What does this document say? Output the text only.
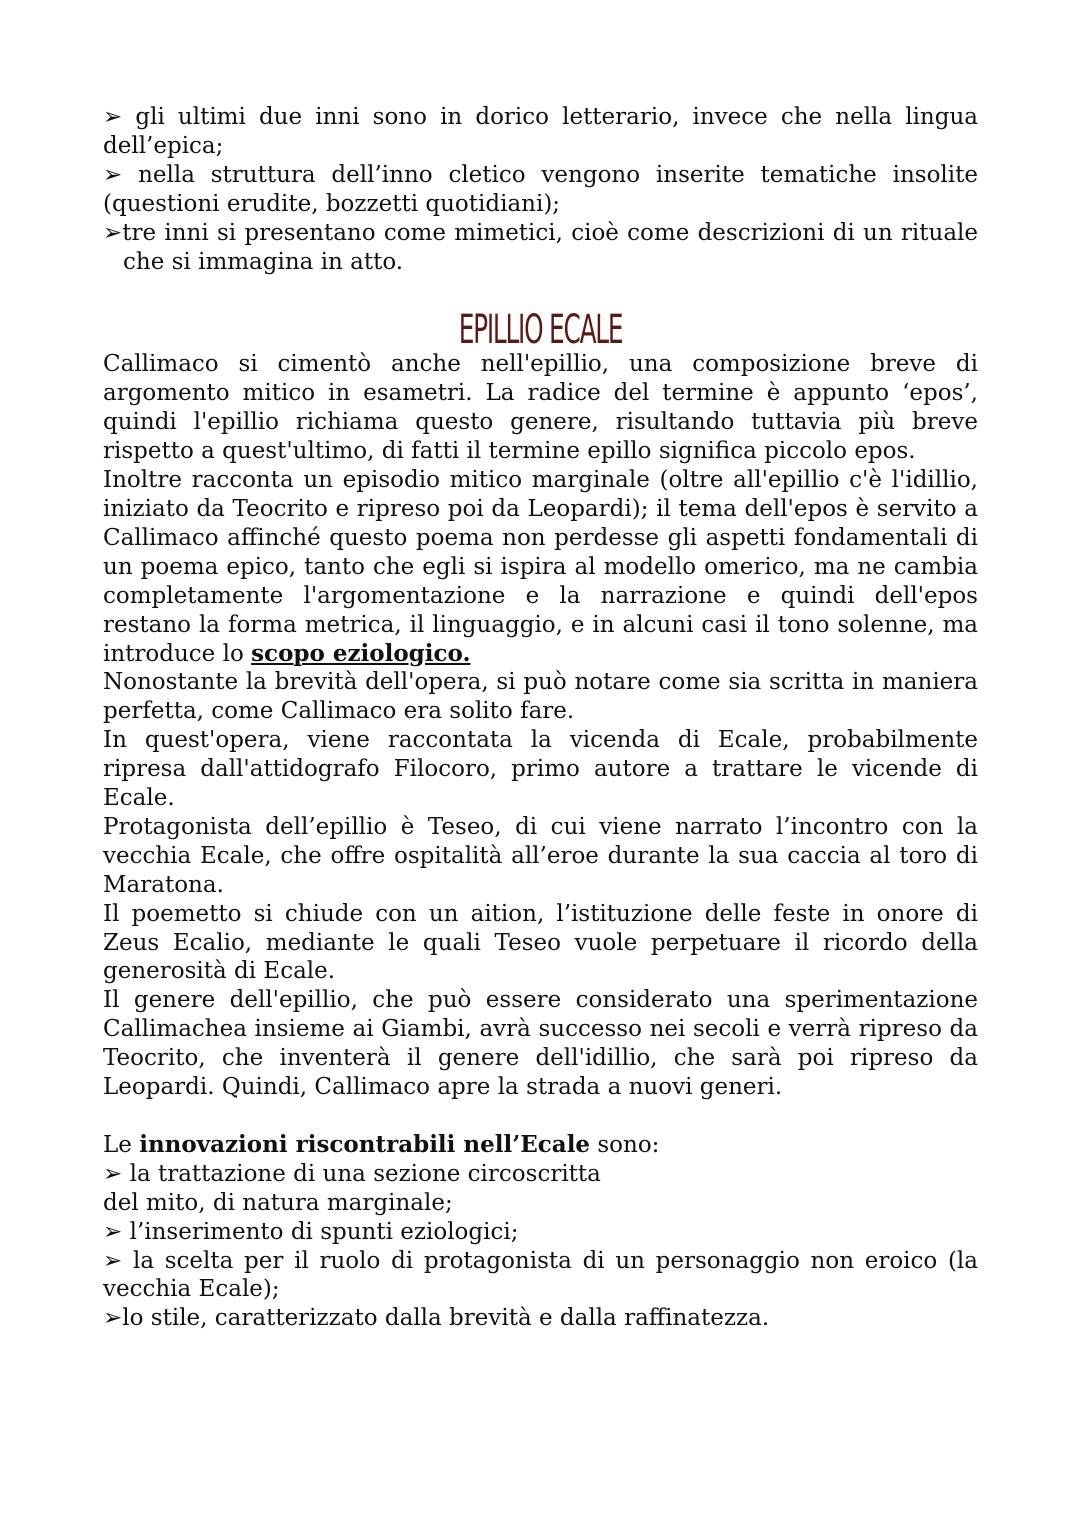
➢ gli ultimi due inni sono in dorico letterario, invece che nella lingua dell’epica;

➢ nella struttura dell’inno cletico vengono inserite tematiche insolite (questioni erudite, bozzetti quotidiani);

➢tre inni si presentano come mimetici, cioè come descrizioni di un rituale che si immagina in atto.

EPILLIO ECALE

Callimaco si cimentò anche nell'epillio, una composizione breve di argomento mitico in esametri. La radice del termine è appunto ‘epos’, quindi l'epillio richiama questo genere, risultando tuttavia più breve rispetto a quest'ultimo, di fatti il termine epillo significa piccolo epos.

Inoltre racconta un episodio mitico marginale (oltre all'epillio c'è l'idillio, iniziato da Teocrito e ripreso poi da Leopardi); il tema dell'epos è servito a Callimaco affinché questo poema non perdesse gli aspetti fondamentali di un poema epico, tanto che egli si ispira al modello omerico, ma ne cambia completamente l'argomentazione e la narrazione e quindi dell'epos restano la forma metrica, il linguaggio, e in alcuni casi il tono solenne, ma introduce lo scopo eziologico.

Nonostante la brevità dell'opera, si può notare come sia scritta in maniera perfetta, come Callimaco era solito fare.

In quest'opera, viene raccontata la vicenda di Ecale, probabilmente ripresa dall'attidografo Filocoro, primo autore a trattare le vicende di Ecale.

Protagonista dell’epillio è Teseo, di cui viene narrato l’incontro con la vecchia Ecale, che offre ospitalità all’eroe durante la sua caccia al toro di Maratona.

Il poemetto si chiude con un aition, l’istituzione delle feste in onore di Zeus Ecalio, mediante le quali Teseo vuole perpetuare il ricordo della generosità di Ecale.

Il genere dell'epillio, che può essere considerato una sperimentazione Callimachea insieme ai Giambi, avrà successo nei secoli e verrà ripreso da Teocrito, che inventerà il genere dell'idillio, che sarà poi ripreso da Leopardi. Quindi, Callimaco apre la strada a nuovi generi.

Le innovazioni riscontrabili nell’Ecale sono:

➢ la trattazione di una sezione circoscritta

del mito, di natura marginale;

➢ l’inserimento di spunti eziologici;

➢ la scelta per il ruolo di protagonista di un personaggio non eroico (la vecchia Ecale);

➢lo stile, caratterizzato dalla brevità e dalla raffinatezza.
